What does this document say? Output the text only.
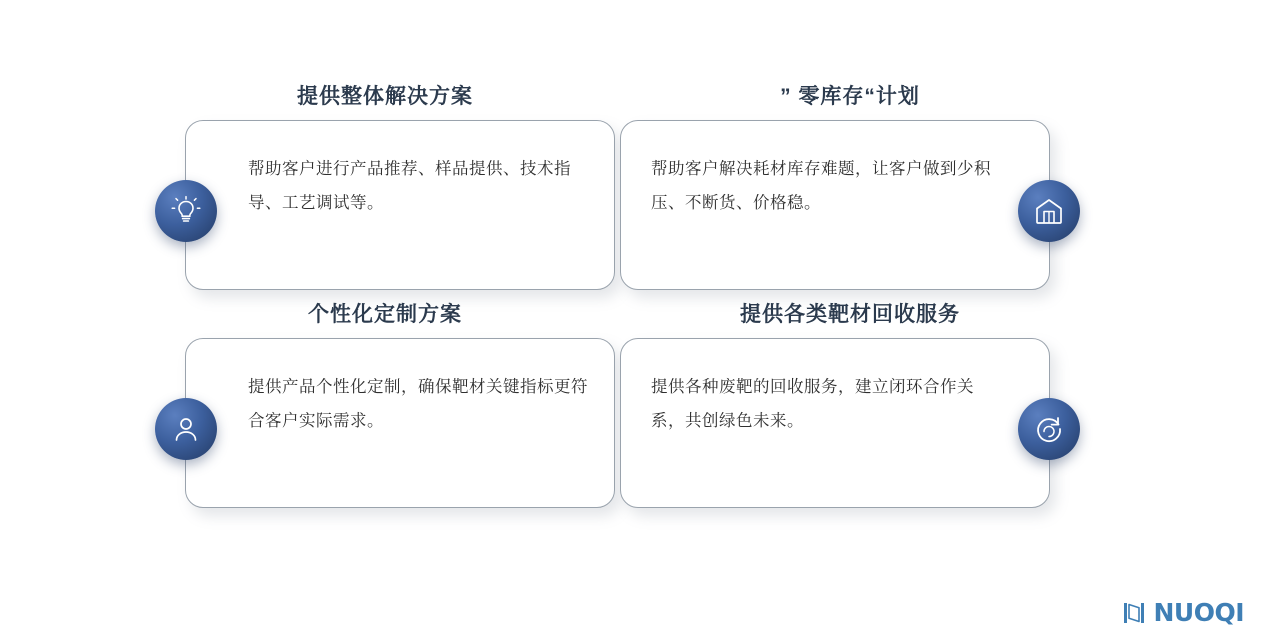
提供整体解决方案
帮助客户进行产品推荐、样品提供、技术指导、工艺调试等。
” 零库存“计划
帮助客户解决耗材库存难题，让客户做到少积压、不断货、价格稳。
个性化定制方案
提供产品个性化定制，确保靶材关键指标更符合客户实际需求。
提供各类靶材回收服务
提供各种废靶的回收服务，建立闭环合作关系，共创绿色未来。
NUOQI
